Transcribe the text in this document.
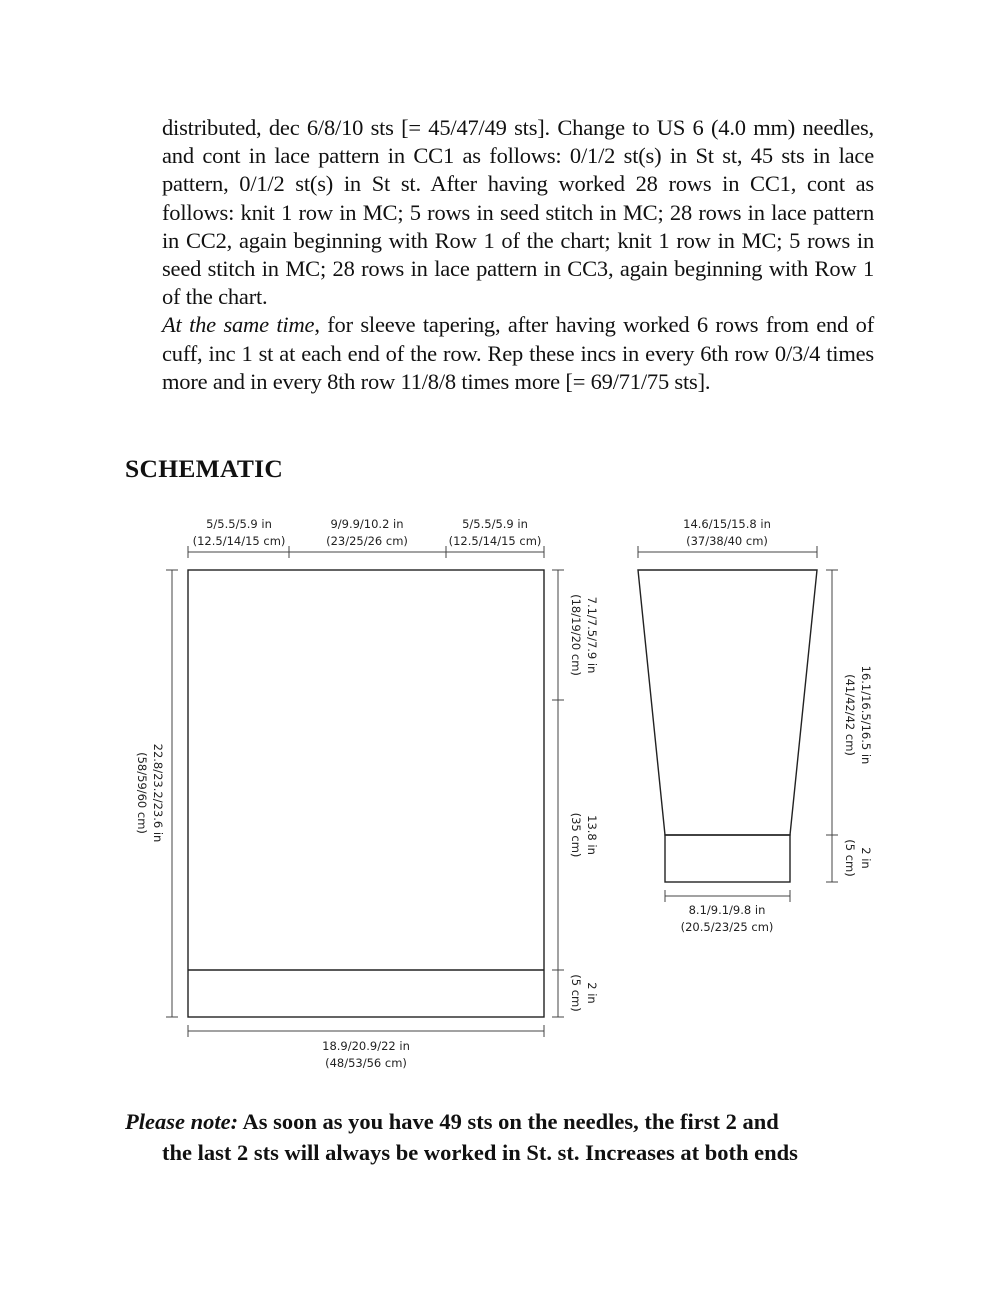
distributed, dec 6/8/10 sts [= 45/47/49 sts]. Change to US 6 (4.0 mm) needles, and cont in lace pattern in CC1 as follows: 0/1/2 st(s) in St st, 45 sts in lace pattern, 0/1/2 st(s) in St st. After having worked 28 rows in CC1, cont as follows: knit 1 row in MC; 5 rows in seed stitch in MC; 28 rows in lace pattern in CC2, again beginning with Row 1 of the chart; knit 1 row in MC; 5 rows in seed stitch in MC; 28 rows in lace pattern in CC3, again beginning with Row 1 of the chart.

At the same time, for sleeve tapering, after having worked 6 rows from end of cuff, inc 1 st at each end of the row. Rep these incs in every 6th row 0/3/4 times more and in every 8th row 11/8/8 times more [= 69/71/75 sts].

SCHEMATIC
5/5.5/5.9 in
(12.5/14/15 cm)
9/9.9/10.2 in
(23/25/26 cm)
5/5.5/5.9 in
(12.5/14/15 cm)
22.8/23.2/23.6 in
(58/59/60 cm)
7.1/7.5/7.9 in
(18/19/20 cm)
13.8 in
(35 cm)
2 in
(5 cm)
18.9/20.9/22 in
(48/53/56 cm)
14.6/15/15.8 in
(37/38/40 cm)
16.1/16.5/16.5 in
(41/42/42 cm)
2 in
(5 cm)
8.1/9.1/9.8 in
(20.5/23/25 cm)
Please note: As soon as you have 49 sts on the needles, the first 2 and
the last 2 sts will always be worked in St. st. Increases at both ends
